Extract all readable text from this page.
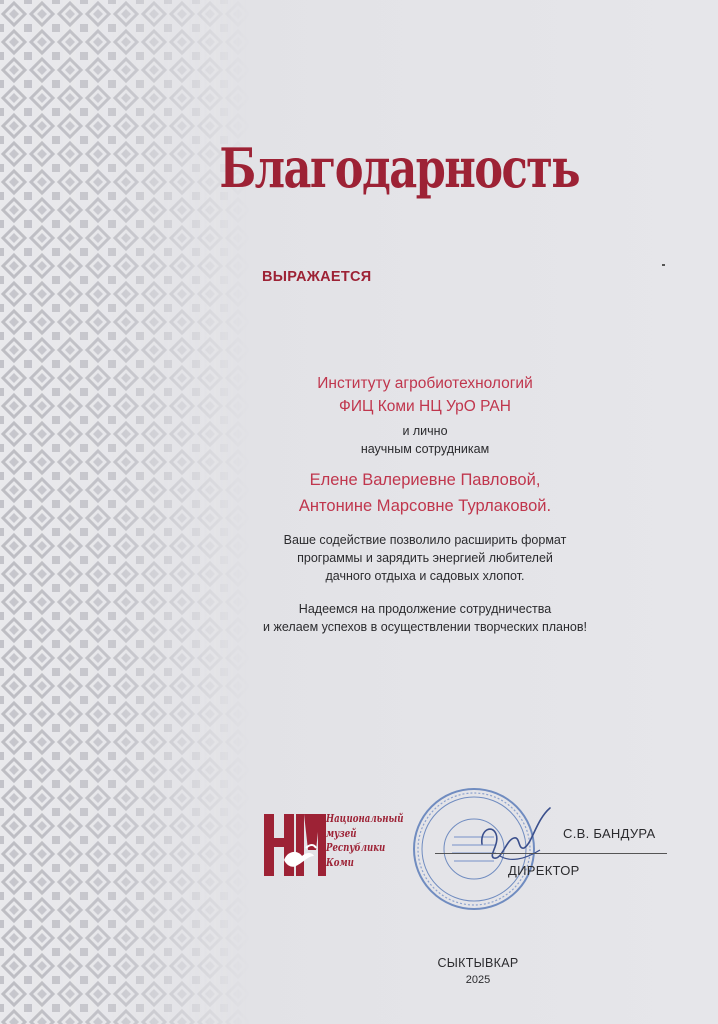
Благодарность
ВЫРАЖАЕТСЯ
Институту агробиотехнологий
ФИЦ Коми НЦ УрО РАН
и лично
научным сотрудникам
Елене Валериевне Павловой,
Антонине Марсовне Турлаковой.
Ваше содействие позволило расширить формат
программы и зарядить энергией любителей
дачного отдыха и садовых хлопот.
Надеемся на продолжение сотрудничества
и желаем успехов в осуществлении творческих планов!
Национальный
музей
Республики
Коми
С.В. БАНДУРА
ДИРЕКТОР
СЫКТЫВКАР
2025
